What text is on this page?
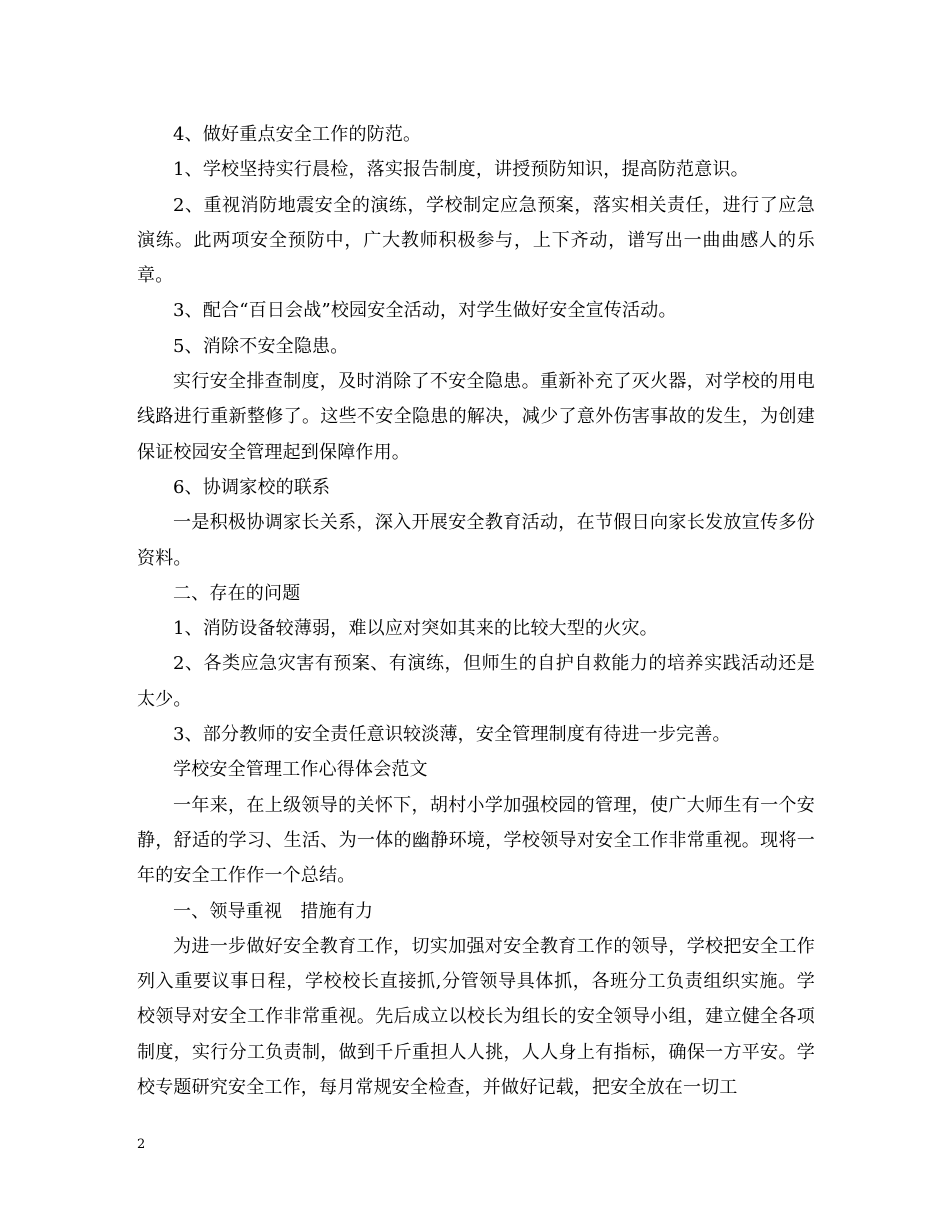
4、做好重点安全工作的防范。

1、学校坚持实行晨检，落实报告制度，讲授预防知识，提高防范意识。

2、重视消防地震安全的演练，学校制定应急预案，落实相关责任，进行了应急演练。此两项安全预防中，广大教师积极参与，上下齐动，谱写出一曲曲感人的乐章。

3、配合“百日会战”校园安全活动，对学生做好安全宣传活动。

5、消除不安全隐患。

实行安全排查制度，及时消除了不安全隐患。重新补充了灭火器，对学校的用电线路进行重新整修了。这些不安全隐患的解决，减少了意外伤害事故的发生，为创建保证校园安全管理起到保障作用。

6、协调家校的联系

一是积极协调家长关系，深入开展安全教育活动，在节假日向家长发放宣传多份资料。

二、存在的问题

1、消防设备较薄弱，难以应对突如其来的比较大型的火灾。

2、各类应急灾害有预案、有演练，但师生的自护自救能力的培养实践活动还是太少。

3、部分教师的安全责任意识较淡薄，安全管理制度有待进一步完善。

学校安全管理工作心得体会范文

一年来，在上级领导的关怀下，胡村小学加强校园的管理，使广大师生有一个安静，舒适的学习、生活、为一体的幽静环境，学校领导对安全工作非常重视。现将一年的安全工作作一个总结。

一、领导重视　措施有力

为进一步做好安全教育工作，切实加强对安全教育工作的领导，学校把安全工作列入重要议事日程，学校校长直接抓,分管领导具体抓，各班分工负责组织实施。学校领导对安全工作非常重视。先后成立以校长为组长的安全领导小组，建立健全各项制度，实行分工负责制，做到千斤重担人人挑，人人身上有指标，确保一方平安。学校专题研究安全工作，每月常规安全检查，并做好记载，把安全放在一切工

2
